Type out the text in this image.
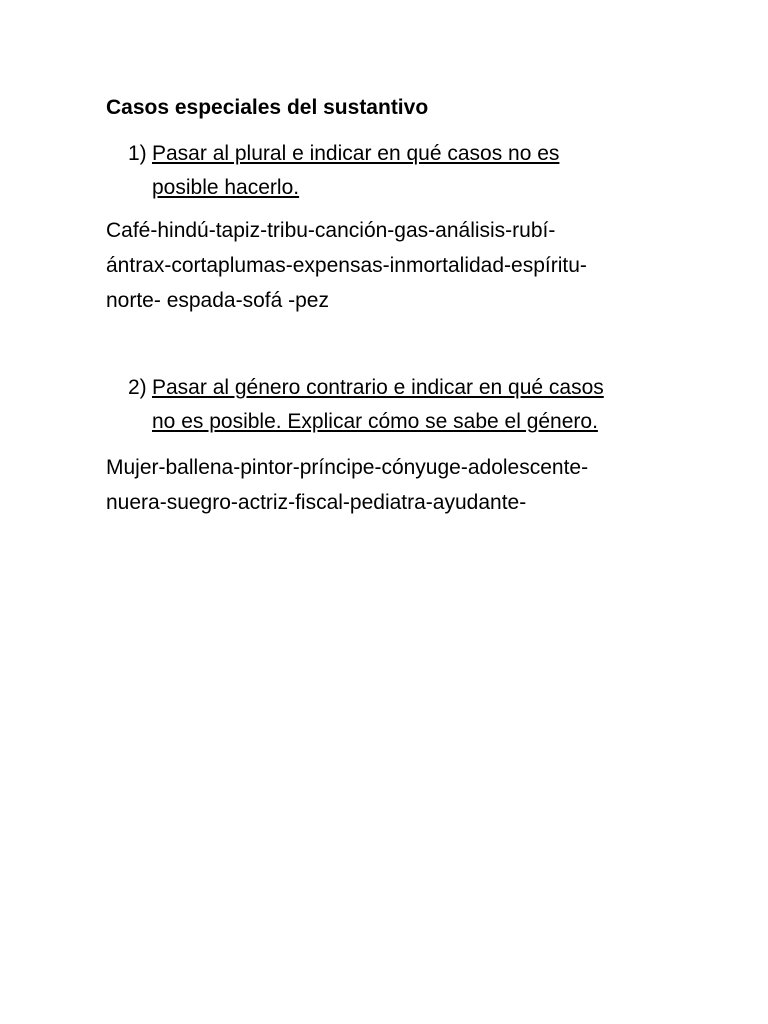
Casos especiales del sustantivo
1) Pasar al plural e indicar en qué casos no es
posible hacerlo.

Café-hindú-tapiz-tribu-canción-gas-análisis-rubí-
ántrax-cortaplumas-expensas-inmortalidad-espíritu-
norte- espada-sofá -pez

2) Pasar al género contrario e indicar en qué casos
no es posible. Explicar cómo se sabe el género.

Mujer-ballena-pintor-príncipe-cónyuge-adolescente-
nuera-suegro-actriz-fiscal-pediatra-ayudante-
